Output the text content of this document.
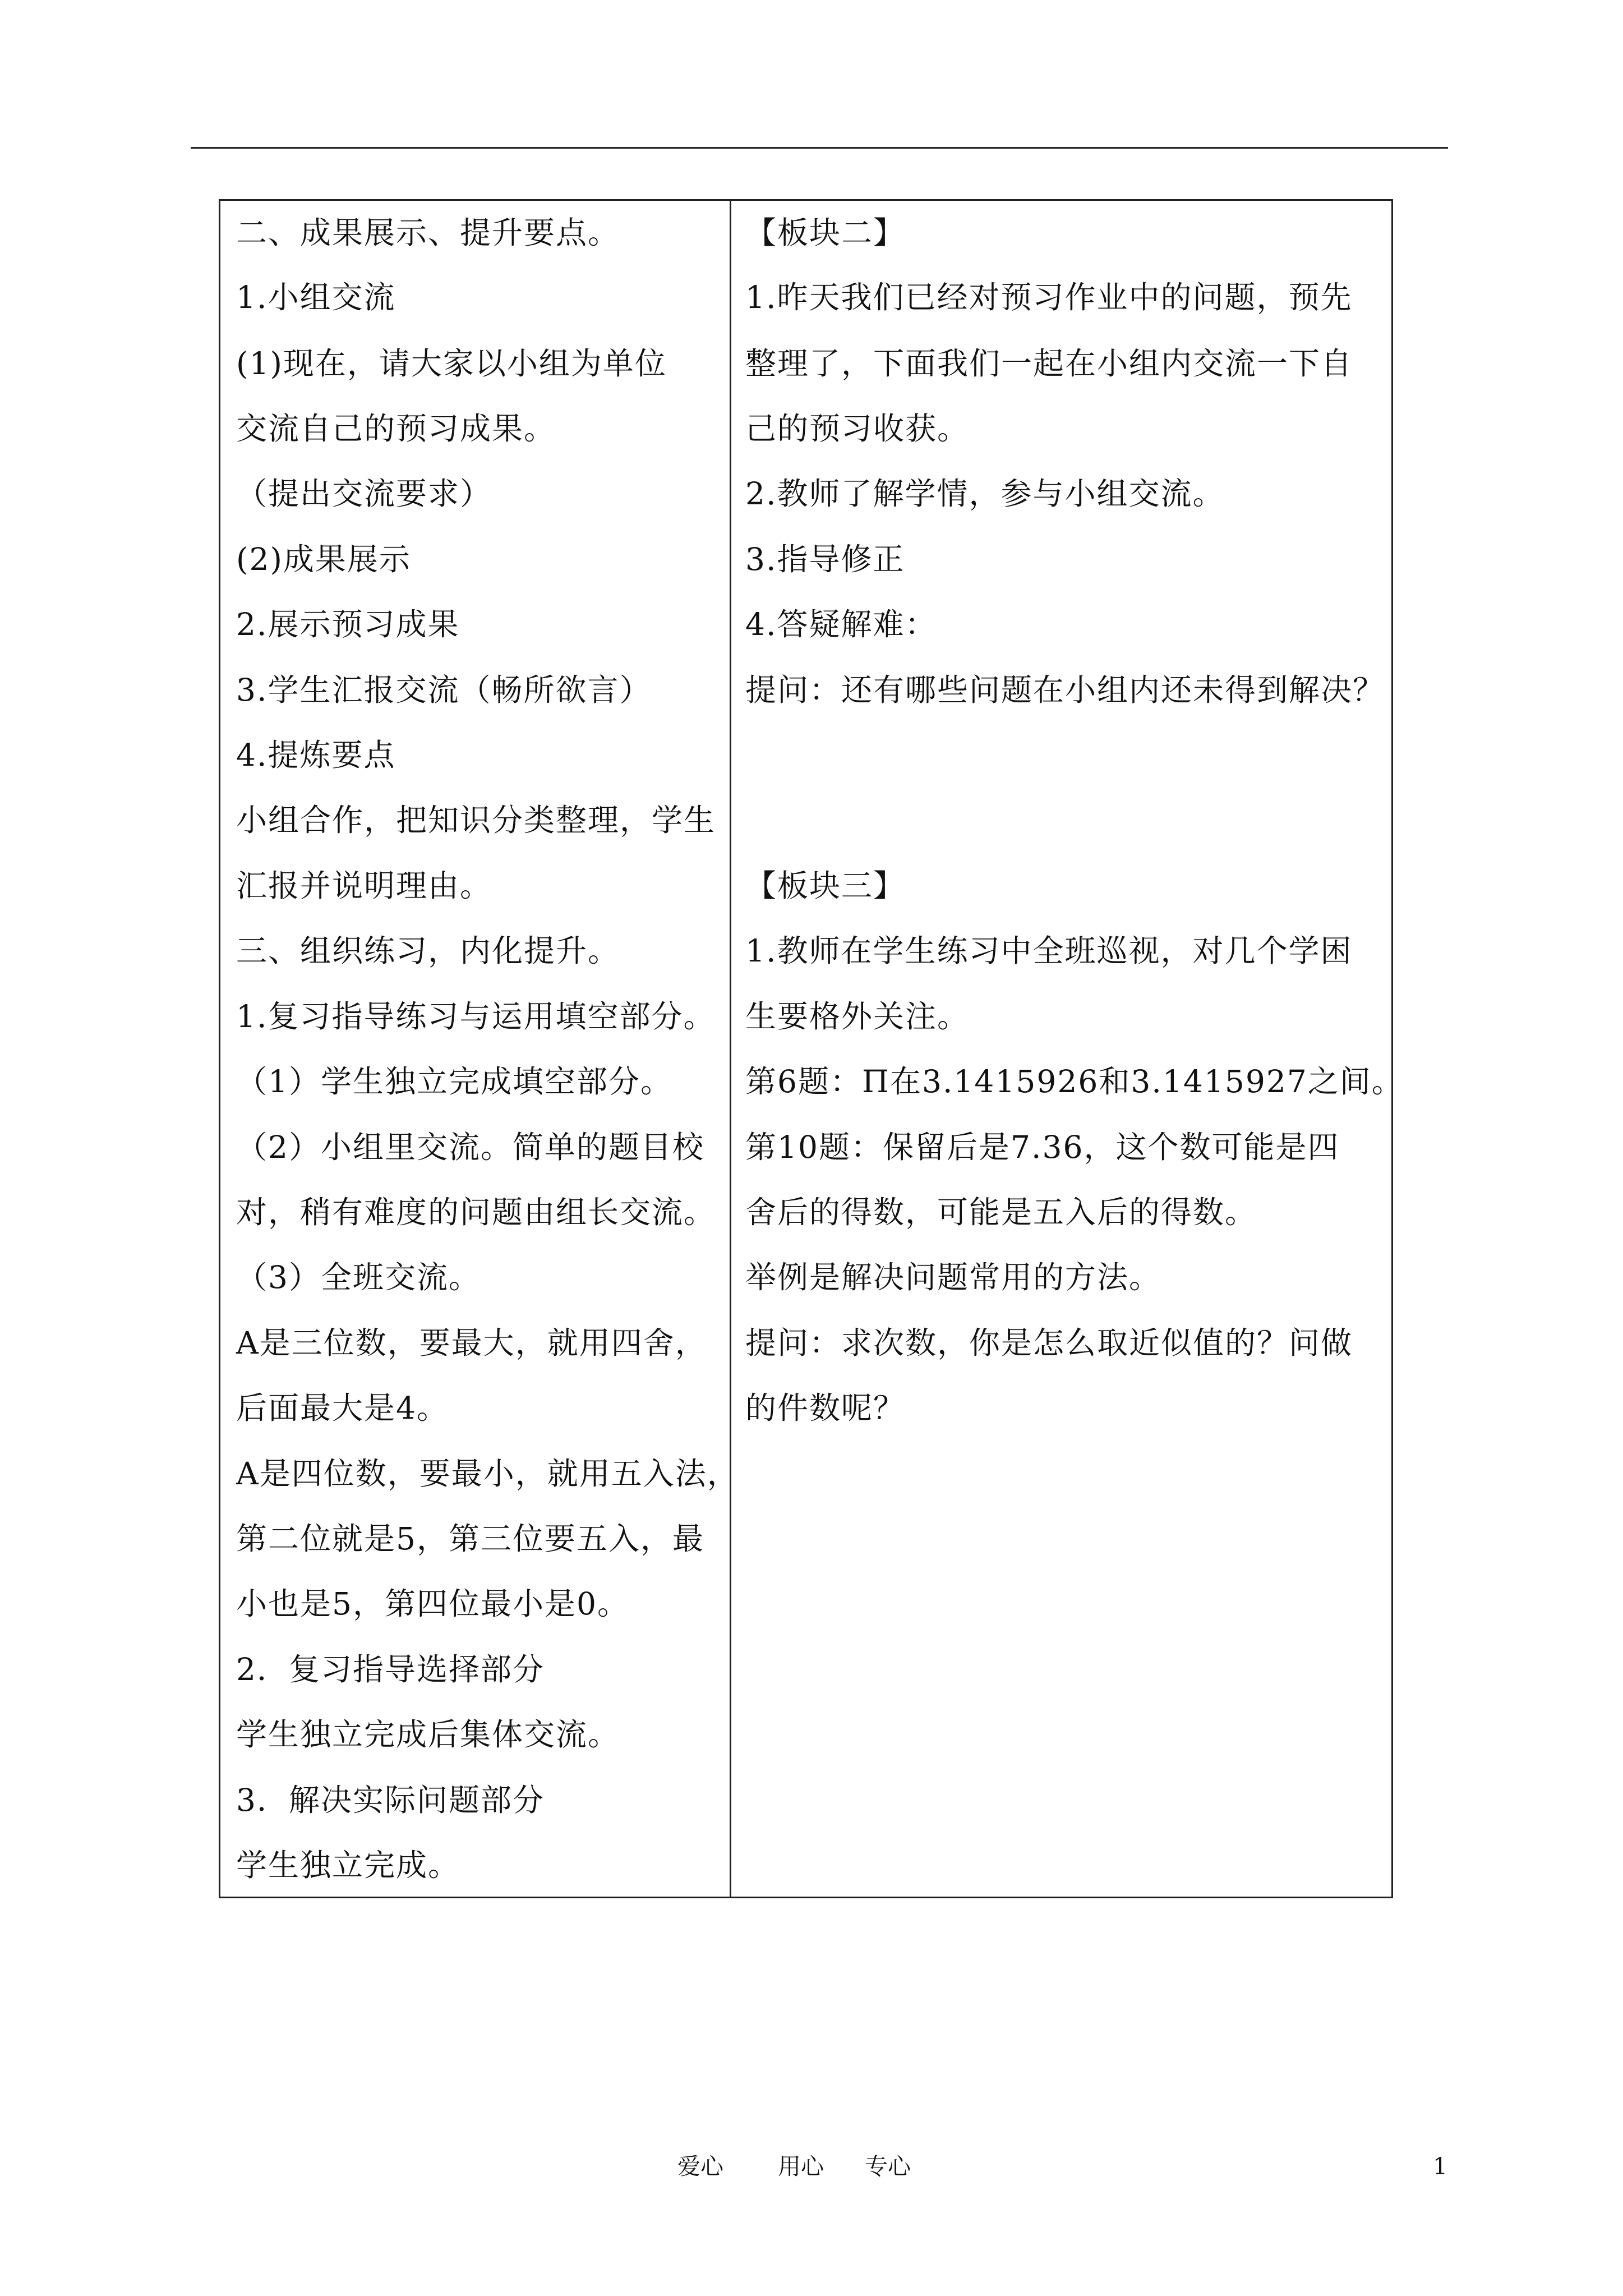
二、成果展示、提升要点。
1.小组交流
(1)现在，请大家以小组为单位
交流自己的预习成果。
（提出交流要求）
(2)成果展示
2.展示预习成果
3.学生汇报交流（畅所欲言）
4.提炼要点
小组合作，把知识分类整理，学生
汇报并说明理由。
三、组织练习，内化提升。
1.复习指导练习与运用填空部分。
（1）学生独立完成填空部分。
（2）小组里交流。简单的题目校
对，稍有难度的问题由组长交流。
（3）全班交流。
A是三位数，要最大，就用四舍，
后面最大是4。
A是四位数，要最小，就用五入法，
第二位就是5，第三位要五入，最
小也是5，第四位最小是0。
2．复习指导选择部分
学生独立完成后集体交流。
3．解决实际问题部分
学生独立完成。
【板块二】
1.昨天我们已经对预习作业中的问题，预先
整理了，下面我们一起在小组内交流一下自
己的预习收获。
2.教师了解学情，参与小组交流。
3.指导修正
4.答疑解难：
提问：还有哪些问题在小组内还未得到解决？
【板块三】
1.教师在学生练习中全班巡视，对几个学困
生要格外关注。
第6题：Π在3.1415926和3.1415927之间。
第10题：保留后是7.36，这个数可能是四
舍后的得数，可能是五入后的得数。
举例是解决问题常用的方法。
提问：求次数，你是怎么取近似值的？问做
的件数呢？
爱心 用心 专心	1
